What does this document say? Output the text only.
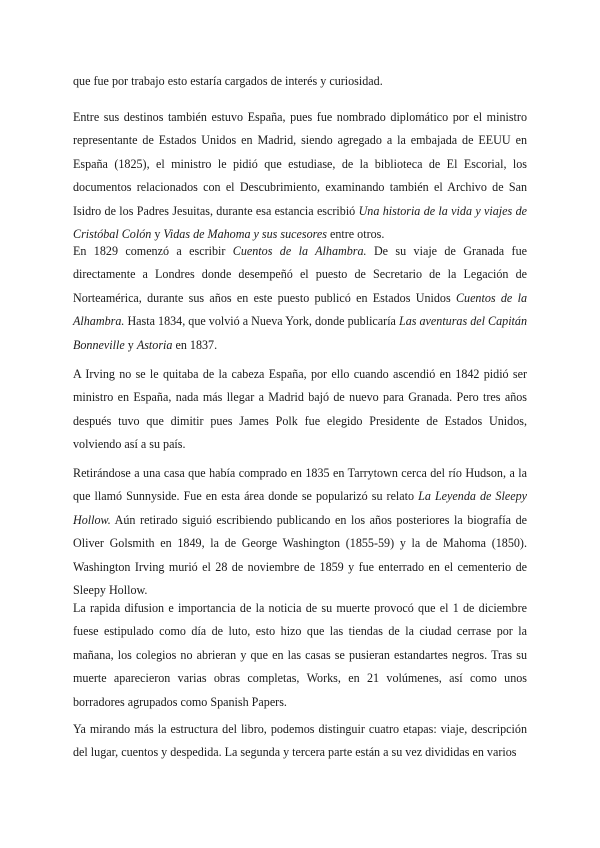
que fue por trabajo esto estaría cargados de interés y curiosidad.

Entre sus destinos también estuvo España, pues fue nombrado diplomático por el ministro representante de Estados Unidos en Madrid, siendo agregado a la embajada de EEUU en España (1825), el ministro le pidió que estudiase, de la biblioteca de El Escorial, los documentos relacionados con el Descubrimiento, examinando también el Archivo de San Isidro de los Padres Jesuitas, durante esa estancia escribió Una historia de la vida y viajes de Cristóbal Colón y Vidas de Mahoma y sus sucesores entre otros.

En 1829 comenzó a escribir Cuentos de la Alhambra. De su viaje de Granada fue directamente a Londres donde desempeñó el puesto de Secretario de la Legación de Norteamérica, durante sus años en este puesto publicó en Estados Unidos Cuentos de la Alhambra. Hasta 1834, que volvió a Nueva York, donde publicaría Las aventuras del Capitán Bonneville y Astoria en 1837.

A Irving no se le quitaba de la cabeza España, por ello cuando ascendió en 1842 pidió ser ministro en España, nada más llegar a Madrid bajó de nuevo para Granada. Pero tres años después tuvo que dimitir pues James Polk fue elegido Presidente de Estados Unidos, volviendo así a su país.

Retirándose a una casa que había comprado en 1835 en Tarrytown cerca del río Hudson, a la que llamó Sunnyside. Fue en esta área donde se popularizó su relato La Leyenda de Sleepy Hollow. Aún retirado siguió escribiendo publicando en los años posteriores la biografía de Oliver Golsmith en 1849, la de George Washington (1855-59) y la de Mahoma (1850). Washington Irving murió el 28 de noviembre de 1859 y fue enterrado en el cementerio de Sleepy Hollow.

La rapida difusion e importancia de la noticia de su muerte provocó que el 1 de diciembre fuese estipulado como día de luto, esto hizo que las tiendas de la ciudad cerrase por la mañana, los colegios no abrieran y que en las casas se pusieran estandartes negros. Tras su muerte aparecieron varias obras completas, Works, en 21 volúmenes, así como unos borradores agrupados como Spanish Papers.

Ya mirando más la estructura del libro, podemos distinguir cuatro etapas: viaje, descripción del lugar, cuentos y despedida. La segunda y tercera parte están a su vez divididas en varios
